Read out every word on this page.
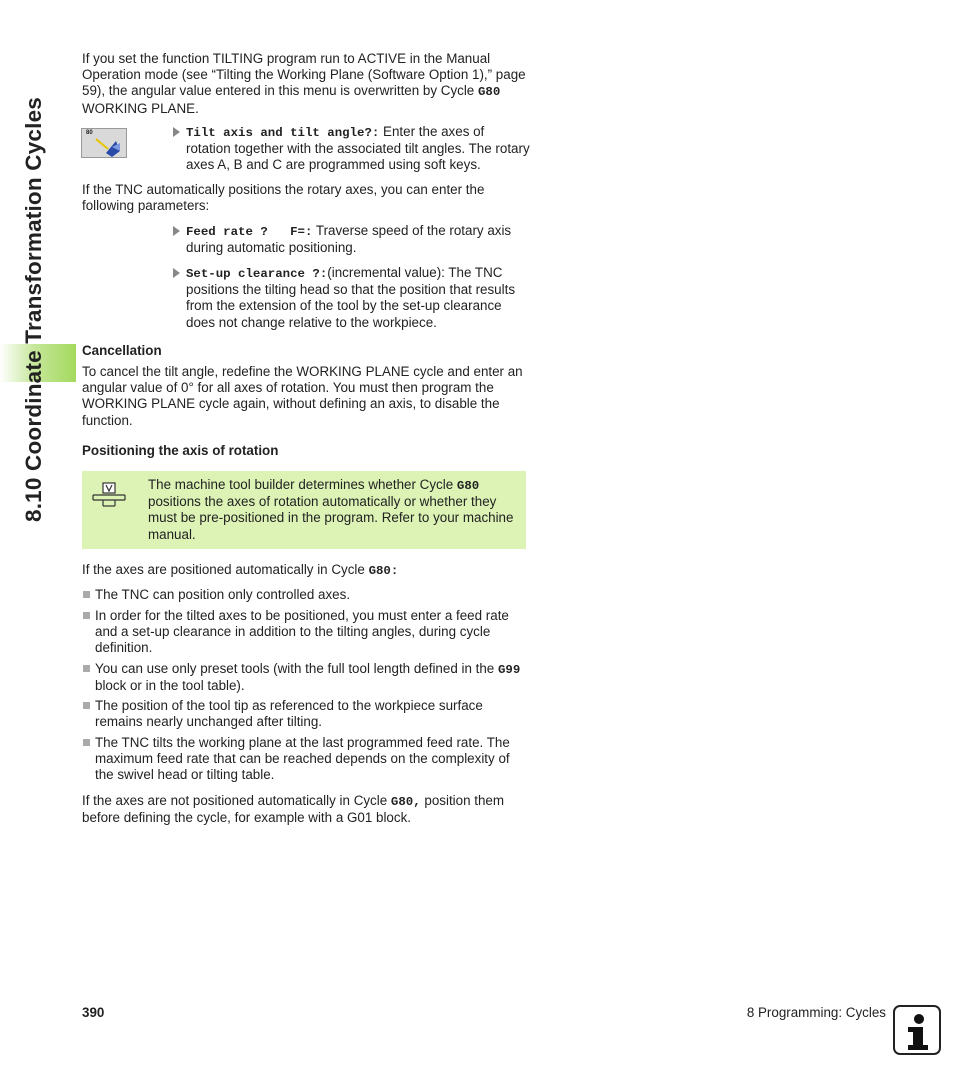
8.10 Coordinate Transformation Cycles

If you set the function TILTING program run to ACTIVE in the Manual Operation mode (see “Tilting the Working Plane (Software Option 1),” page 59), the angular value entered in this menu is overwritten by Cycle G80 WORKING PLANE.

80	Tilt axis and tilt angle?: Enter the axes of rotation together with the associated tilt angles. The rotary axes A, B and C are programmed using soft keys.

If the TNC automatically positions the rotary axes, you can enter the following parameters:

Feed rate ?   F=: Traverse speed of the rotary axis during automatic positioning.

Set-up clearance ?:(incremental value): The TNC positions the tilting head so that the position that results from the extension of the tool by the set-up clearance does not change relative to the workpiece.

Cancellation

To cancel the tilt angle, redefine the WORKING PLANE cycle and enter an angular value of 0° for all axes of rotation. You must then program the WORKING PLANE cycle again, without defining an axis, to disable the function.

Positioning the axis of rotation

The machine tool builder determines whether Cycle G80 positions the axes of rotation automatically or whether they must be pre-positioned in the program. Refer to your machine manual.

If the axes are positioned automatically in Cycle G80:

The TNC can position only controlled axes.
In order for the tilted axes to be positioned, you must enter a feed rate and a set-up clearance in addition to the tilting angles, during cycle definition.
You can use only preset tools (with the full tool length defined in the G99 block or in the tool table).
The position of the tool tip as referenced to the workpiece surface remains nearly unchanged after tilting.
The TNC tilts the working plane at the last programmed feed rate. The maximum feed rate that can be reached depends on the complexity of the swivel head or tilting table.

If the axes are not positioned automatically in Cycle G80, position them before defining the cycle, for example with a G01 block.

390	8 Programming: Cycles
